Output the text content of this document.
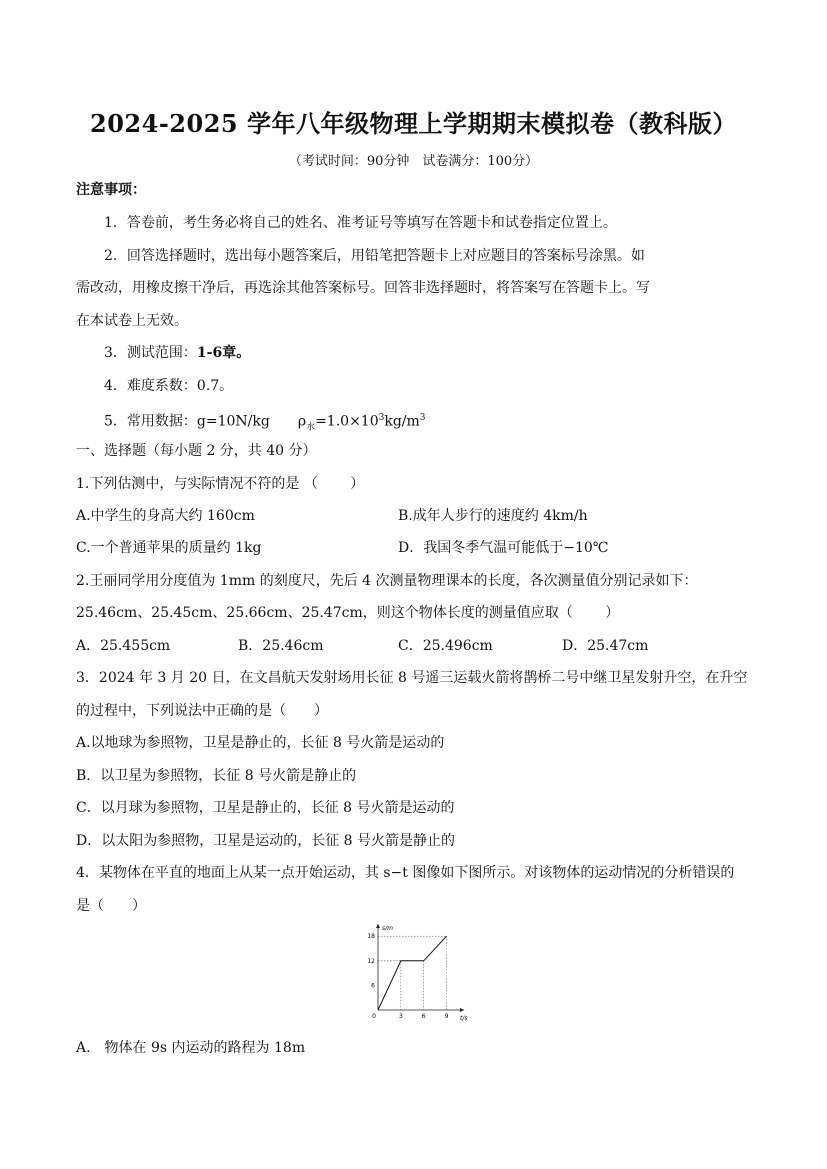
2024-2025 学年八年级物理上学期期末模拟卷（教科版）
（考试时间：90分钟　试卷满分：100分）
注意事项：
1．答卷前，考生务必将自己的姓名、准考证号等填写在答题卡和试卷指定位置上。
2．回答选择题时，选出每小题答案后，用铅笔把答题卡上对应题目的答案标号涂黑。如
需改动，用橡皮擦干净后，再选涂其他答案标号。回答非选择题时，将答案写在答题卡上。写
在本试卷上无效。
3．测试范围：1-6章。
4．难度系数：0.7。
5．常用数据：g=10N/kg　　$\rho_水=1.0\times 10^3kg/m^3$
一、选择题（每小题 2 分，共 40 分）
1.下列估测中，与实际情况不符的是 （　　 ）
A.中学生的身高大约 160cm	B.成年人步行的速度约 4km/h
C.一个普通苹果的质量约 1kg	D．我国冬季气温可能低于−10℃
2.王丽同学用分度值为 1mm 的刻度尺，先后 4 次测量物理课本的长度，各次测量值分别记录如下：
25.46cm、25.45cm、25.66cm、25.47cm，则这个物体长度的测量值应取（　　 ）
A．25.455cm	B．25.46cm	C．25.496cm	D．25.47cm
3．2024 年 3 月 20 日，在文昌航天发射场用长征 8 号遥三运载火箭将鹊桥二号中继卫星发射升空，在升空
的过程中，下列说法中正确的是（　　）
A.以地球为参照物，卫星是静止的，长征 8 号火箭是运动的
B．以卫星为参照物，长征 8 号火箭是静止的
C．以月球为参照物，卫星是静止的，长征 8 号火箭是运动的
D．以太阳为参照物，卫星是运动的，长征 8 号火箭是静止的
4．某物体在平直的地面上从某一点开始运动，其 s−t 图像如下图所示。对该物体的运动情况的分析错误的
是（　　）
s/m
t/s
6
12
18
0	3	6	9
A.　物体在 9s 内运动的路程为 18m
